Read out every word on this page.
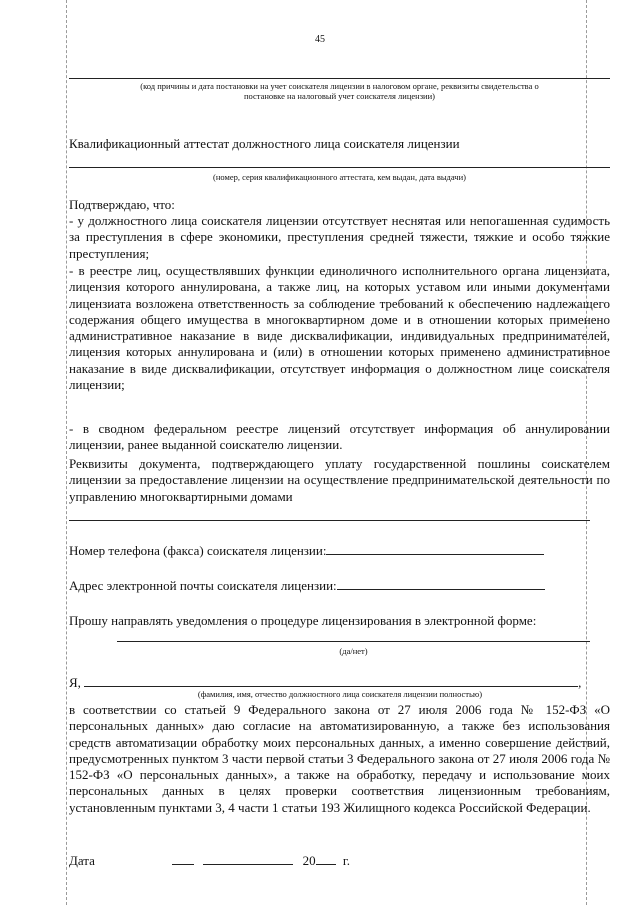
45
(код причины и дата постановки на учет соискателя лицензии в налоговом органе, реквизиты свидетельства о
постановке на налоговый учет соискателя лицензии)
Квалификационный аттестат должностного лица соискателя лицензии
(номер, серия квалификационного аттестата, кем выдан, дата выдачи)
Подтверждаю, что:
- у должностного лица соискателя лицензии отсутствует неснятая или непогашенная судимость за преступления в сфере экономики, преступления средней тяжести, тяжкие и особо тяжкие преступления;
- в реестре лиц, осуществлявших функции единоличного исполнительного органа лицензиата, лицензия которого аннулирована, а также лиц, на которых уставом или иными документами лицензиата возложена ответственность за соблюдение требований к обеспечению надлежащего содержания общего имущества в многоквартирном доме и в отношении которых применено административное наказание в виде дисквалификации, индивидуальных предпринимателей, лицензия которых аннулирована и (или) в отношении которых применено административное наказание в виде дисквалификации, отсутствует информация о должностном лице соискателя лицензии;
- в сводном федеральном реестре лицензий отсутствует информация об аннулировании лицензии, ранее выданной соискателю лицензии.
Реквизиты документа, подтверждающего уплату государственной пошлины соискателем лицензии за предоставление лицензии на осуществление предпринимательской деятельности по управлению многоквартирными домами
Номер телефона (факса) соискателя лицензии:
Адрес электронной почты соискателя лицензии:
Прошу направлять уведомления о процедуре лицензирования в электронной форме:
(да/нет)
Я,	,
(фамилия, имя, отчество должностного лица соискателя лицензии полностью)
в соответствии со статьей 9 Федерального закона от 27 июля 2006 года № 152-ФЗ «О персональных данных» даю согласие на автоматизированную, а также без использования средств автоматизации обработку моих персональных данных, а именно совершение действий, предусмотренных пунктом 3 части первой статьи 3 Федерального закона от 27 июля 2006 года № 152-ФЗ «О персональных данных», а также на обработку, передачу и использование моих персональных данных в целях проверки соответствия лицензионным требованиям, установленным пунктами 3, 4 части 1 статьи 193 Жилищного кодекса Российской Федерации.
Дата	20 г.
